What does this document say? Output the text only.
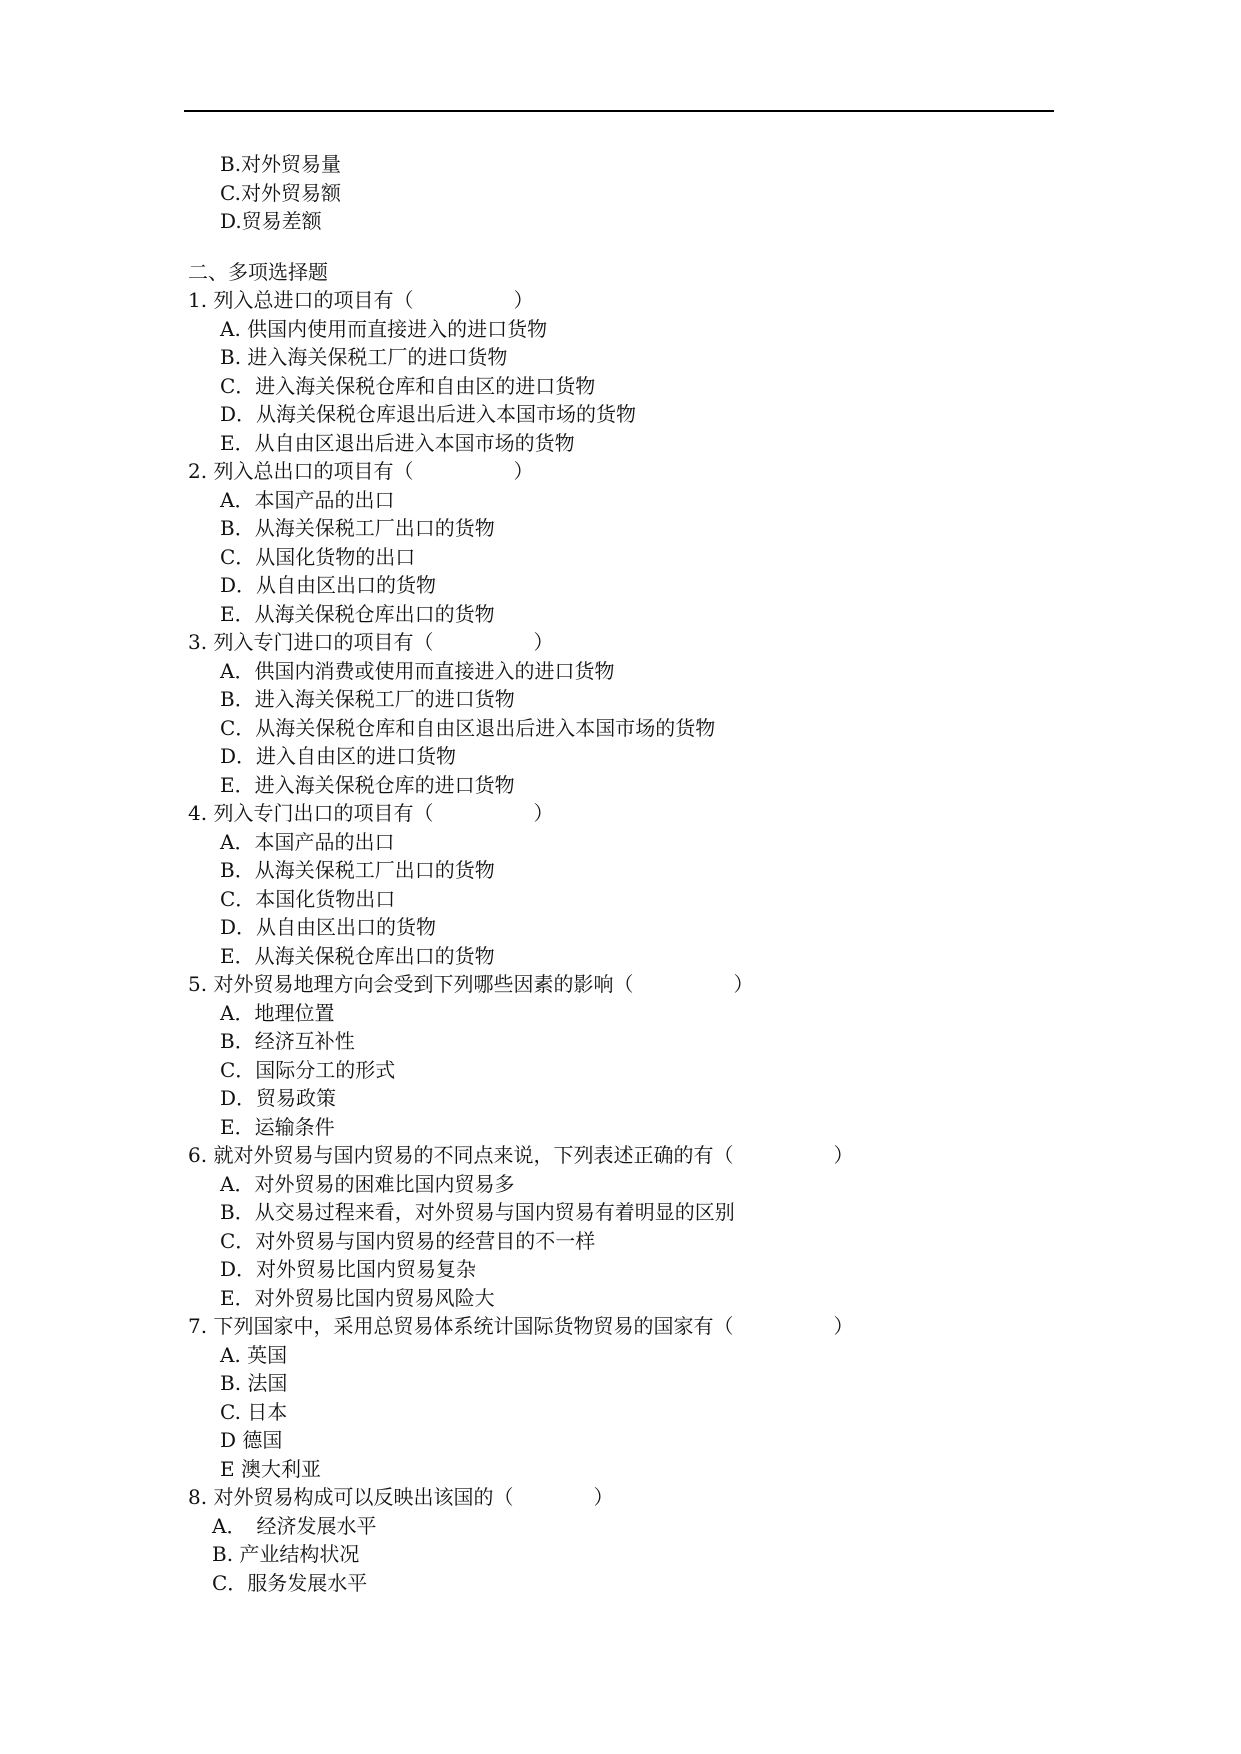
B.对外贸易量
C.对外贸易额
D.贸易差额
二、多项选择题
1. 列入总进口的项目有（　　　　　）
A. 供国内使用而直接进入的进口货物
B. 进入海关保税工厂的进口货物
C．进入海关保税仓库和自由区的进口货物
D．从海关保税仓库退出后进入本国市场的货物
E．从自由区退出后进入本国市场的货物
2. 列入总出口的项目有（　　　　　）
A．本国产品的出口
B．从海关保税工厂出口的货物
C．从国化货物的出口
D．从自由区出口的货物
E．从海关保税仓库出口的货物
3. 列入专门进口的项目有（　　　　　）
A．供国内消费或使用而直接进入的进口货物
B．进入海关保税工厂的进口货物
C．从海关保税仓库和自由区退出后进入本国市场的货物
D．进入自由区的进口货物
E．进入海关保税仓库的进口货物
4. 列入专门出口的项目有（　　　　　）
A．本国产品的出口
B．从海关保税工厂出口的货物
C．本国化货物出口
D．从自由区出口的货物
E．从海关保税仓库出口的货物
5. 对外贸易地理方向会受到下列哪些因素的影响（　　　　　）
A．地理位置
B．经济互补性
C．国际分工的形式
D．贸易政策
E．运输条件
6. 就对外贸易与国内贸易的不同点来说，下列表述正确的有（　　　　　）
A．对外贸易的困难比国内贸易多
B．从交易过程来看，对外贸易与国内贸易有着明显的区别
C．对外贸易与国内贸易的经营目的不一样
D．对外贸易比国内贸易复杂
E．对外贸易比国内贸易风险大
7. 下列国家中，采用总贸易体系统计国际货物贸易的国家有（　　　　　）
A. 英国
B. 法国
C. 日本
D 德国
E 澳大利亚
8. 对外贸易构成可以反映出该国的（　　　　）
A．　经济发展水平
B. 产业结构状况
C．服务发展水平
